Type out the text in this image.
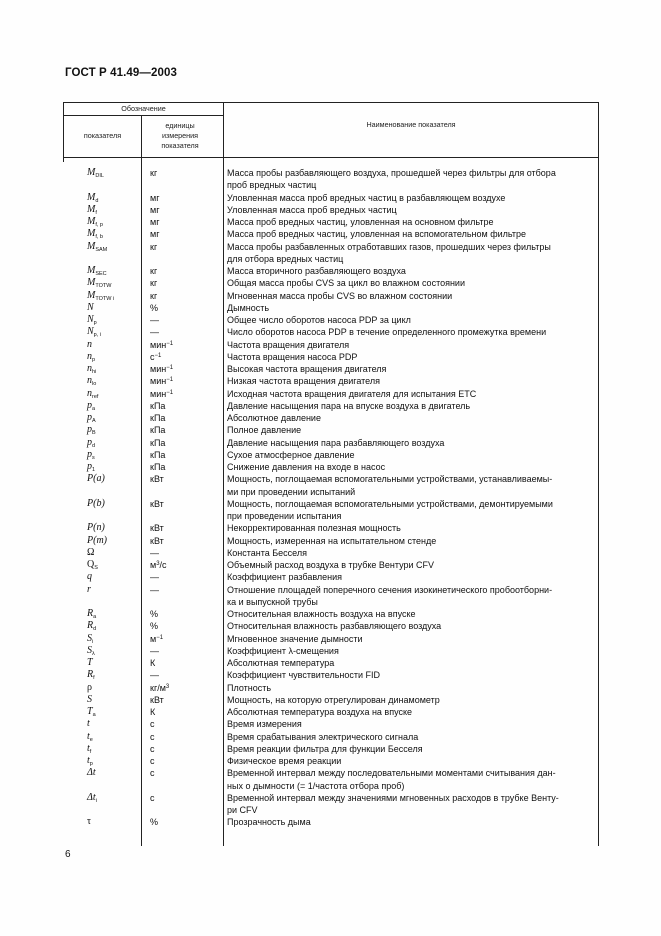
ГОСТ Р 41.49—2003
Обозначение
показателя
единицы измерения показателя
Наименование показателя
$M_{DIL}$	кг	Масса пробы разбавляющего воздуха, прошедшей через фильтры для отбора
проб вредных частиц
$M_d$	мг	Уловленная масса проб вредных частиц в разбавляющем воздухе
$M_f$	мг	Уловленная масса проб вредных частиц
$M_{f, p}$	мг	Масса проб вредных частиц, уловленная на основном фильтре
$M_{f, b}$	мг	Масса проб вредных частиц, уловленная на вспомогательном фильтре
$M_{SAM}$	кг	Масса пробы разбавленных отработавших газов, прошедших через фильтры
для отбора вредных частиц
$M_{SEC}$	кг	Масса вторичного разбавляющего воздуха
$M_{TOTW}$	кг	Общая масса пробы CVS за цикл во влажном состоянии
$M_{TOTW i}$	кг	Мгновенная масса пробы CVS во влажном состоянии
N	%	Дымность
$N_p$	—	Общее число оборотов насоса PDP за цикл
$N_{p, i}$	—	Число оборотов насоса PDP в течение определенного промежутка времени
n	мин$^{-1}$	Частота вращения двигателя
$n_p$	$с^{-1}$	Частота вращения насоса PDP
$n_{hi}$	мин$^{-1}$	Высокая частота вращения двигателя
$n_{lo}$	мин$^{-1}$	Низкая частота вращения двигателя
$n_{ref}$	мин$^{-1}$	Исходная частота вращения двигателя для испытания ETC
$p_a$	кПа	Давление насыщения пара на впуске воздуха в двигатель
$p_A$	кПа	Абсолютное давление
$p_B$	кПа	Полное давление
$p_d$	кПа	Давление насыщения пара разбавляющего воздуха
$p_s$	кПа	Сухое атмосферное давление
$p_1$	кПа	Снижение давления на входе в насос
P(a)	кВт	Мощность, поглощаемая вспомогательными устройствами, устанавливаемы-
ми при проведении испытаний
P(b)	кВт	Мощность, поглощаемая вспомогательными устройствами, демонтируемыми
при проведении испытания
P(n)	кВт	Некорректированная полезная мощность
P(m)	кВт	Мощность, измеренная на испытательном стенде
Ω	—	Константа Бесселя
$Q_S$	$м^3/с$	Объемный расход воздуха в трубке Вентури CFV
q	—	Коэффициент разбавления
r	—	Отношение площадей поперечного сечения изокинетического пробоотборни-
ка и выпускной трубы
$R_a$	%	Относительная влажность воздуха на впуске
$R_d$	%	Относительная влажность разбавляющего воздуха
$S_i$	$м^{-1}$	Мгновенное значение дымности
$S_\lambda$	—	Коэффициент λ-смещения
T	К	Абсолютная температура
$R_f$	—	Коэффициент чувствительности FID
ρ	$кг/м^3$	Плотность
S	кВт	Мощность, на которую отрегулирован динамометр
$T_a$	К	Абсолютная температура воздуха на впуске
t	с	Время измерения
$t_e$	с	Время срабатывания электрического сигнала
$t_f$	с	Время реакции фильтра для функции Бесселя
$t_p$	с	Физическое время реакции
Δt	с	Временной интервал между последовательными моментами считывания дан-
ных о дымности (= 1/частота отбора проб)
$\Delta t_i$	с	Временной интервал между значениями мгновенных расходов в трубке Венту-
ри CFV
τ	%	Прозрачность дыма
6
